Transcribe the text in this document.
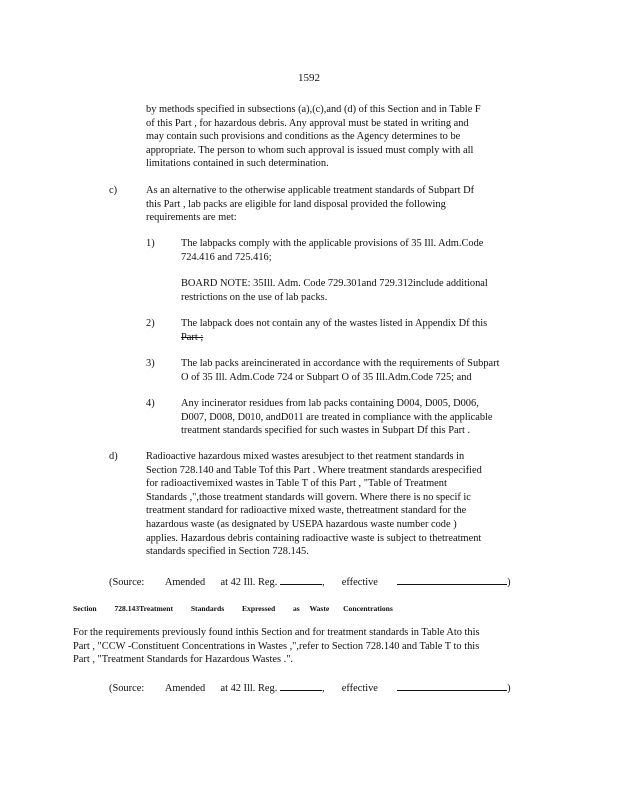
1592
by methods specified in subsections (a),(c),and (d) of this Section and in Table F
of this Part , for hazardous debris. Any approval must be stated in writing and
may contain such provisions and conditions as the Agency determines to be
appropriate. The person to whom such approval is issued must comply with all
limitations contained in such determination.
c)	As an alternative to the otherwise applicable treatment standards of Subpart Df
this Part , lab packs are eligible for land disposal provided the following
requirements are met:
1)	The labpacks comply with the applicable provisions of 35 Ill. Adm.Code
724.416 and 725.416;
BOARD NOTE: 35Ill. Adm. Code 729.301and 729.312include additional
restrictions on the use of lab packs.
2)	The labpack does not contain any of the wastes listed in Appendix Df this
Part ;
3)	The lab packs areincinerated in accordance with the requirements of Subpart
O of 35 Ill. Adm.Code 724 or Subpart O of 35 Ill.Adm.Code 725; and
4)	Any incinerator residues from lab packs containing D004, D005, D006,
D007, D008, D010, andD011 are treated in compliance with the applicable
treatment standards specified for such wastes in Subpart Df this Part .
d)	Radioactive hazardous mixed wastes aresubject to thet reatment standards in
Section 728.140 and Table Tof this Part . Where treatment standards arespecified
for radioactivemixed wastes in Table T of this Part , "Table of Treatment
Standards ,",those treatment standards will govern. Where there is no specif ic
treatment standard for radioactive mixed waste, thetreatment standard for the
hazardous waste (as designated by USEPA hazardous waste number code )
applies. Hazardous debris containing radioactive waste is subject to thetreatment
standards specified in Section 728.145.
(Source: Amended at 42 Ill. Reg.	, effective	)
Section 728.143Treatment Standards Expressed as Waste Concentrations
For the requirements previously found inthis Section and for treatment standards in Table Ato this
Part , "CCW -Constituent Concentrations in Wastes ,",refer to Section 728.140 and Table T to this
Part , "Treatment Standards for Hazardous Wastes .".
(Source: Amended at 42 Ill. Reg.	, effective	)
